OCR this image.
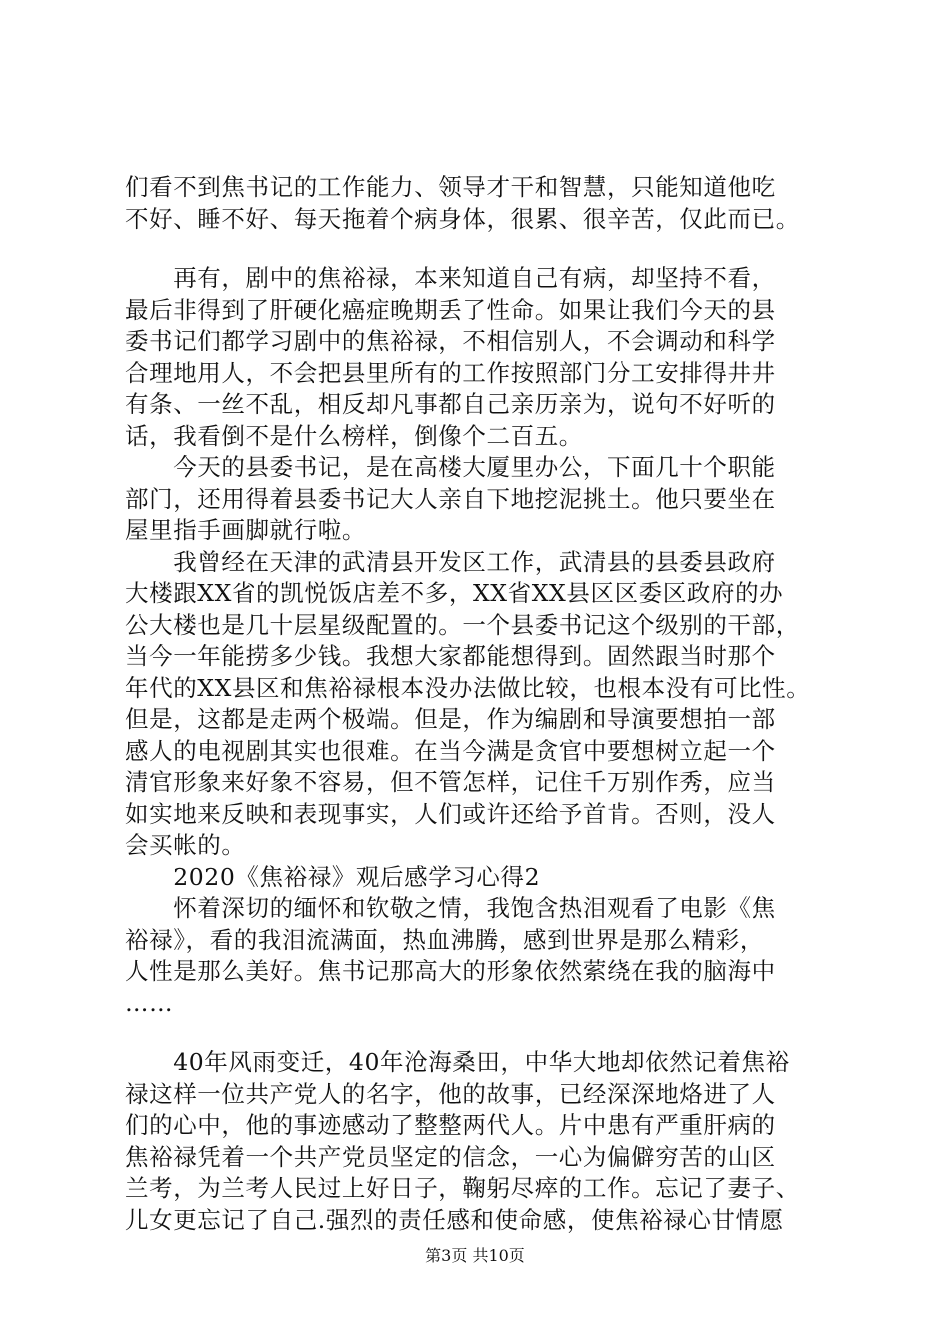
们看不到焦书记的工作能力、领导才干和智慧，只能知道他吃
不好、睡不好、每天拖着个病身体，很累、很辛苦，仅此而已。
　　再有，剧中的焦裕禄，本来知道自己有病，却坚持不看，
最后非得到了肝硬化癌症晚期丢了性命。如果让我们今天的县
委书记们都学习剧中的焦裕禄，不相信别人，不会调动和科学
合理地用人，不会把县里所有的工作按照部门分工安排得井井
有条、一丝不乱，相反却凡事都自己亲历亲为，说句不好听的
话，我看倒不是什么榜样，倒像个二百五。
　　今天的县委书记，是在高楼大厦里办公，下面几十个职能
部门，还用得着县委书记大人亲自下地挖泥挑土。他只要坐在
屋里指手画脚就行啦。
　　我曾经在天津的武清县开发区工作，武清县的县委县政府
大楼跟XX省的凯悦饭店差不多，XX省XX县区区委区政府的办
公大楼也是几十层星级配置的。一个县委书记这个级别的干部，
当今一年能捞多少钱。我想大家都能想得到。固然跟当时那个
年代的XX县区和焦裕禄根本没办法做比较，也根本没有可比性。
但是，这都是走两个极端。但是，作为编剧和导演要想拍一部
感人的电视剧其实也很难。在当今满是贪官中要想树立起一个
清官形象来好象不容易，但不管怎样，记住千万别作秀，应当
如实地来反映和表现事实，人们或许还给予首肯。否则，没人
会买帐的。
　　2020《焦裕禄》观后感学习心得2
　　怀着深切的缅怀和钦敬之情，我饱含热泪观看了电影《焦
裕禄》，看的我泪流满面，热血沸腾，感到世界是那么精彩，
人性是那么美好。焦书记那高大的形象依然萦绕在我的脑海中
……
　　40年风雨变迁，40年沧海桑田，中华大地却依然记着焦裕
禄这样一位共产党人的名字，他的故事，已经深深地烙进了人
们的心中，他的事迹感动了整整两代人。片中患有严重肝病的
焦裕禄凭着一个共产党员坚定的信念，一心为偏僻穷苦的山区
兰考，为兰考人民过上好日子，鞠躬尽瘁的工作。忘记了妻子、
儿女更忘记了自己.强烈的责任感和使命感，使焦裕禄心甘情愿
第3页 共10页
